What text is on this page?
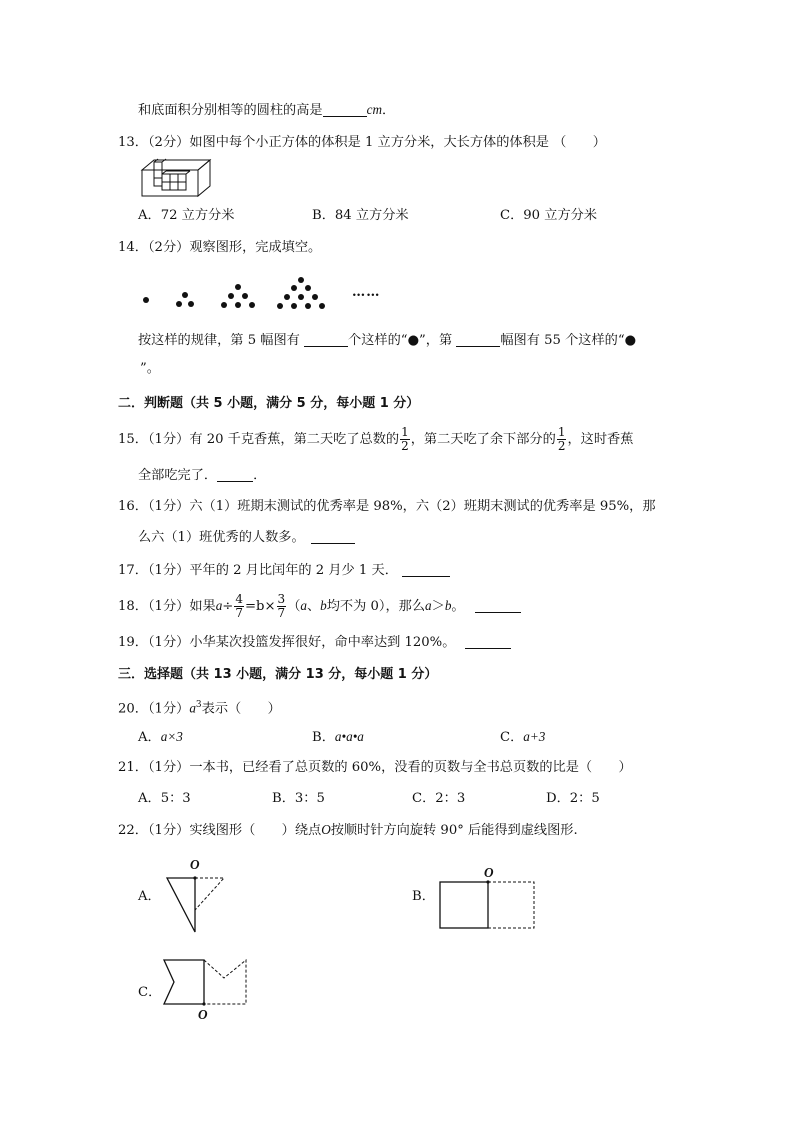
和底面积分别相等的圆柱的高是	cm．
13．（2分）如图中每个小正方体的体积是 1 立方分米，大长方体的体积是 （　　）
A．72 立方分米	B．84 立方分米	C．90 立方分米
14．（2分）观察图形，完成填空。
……
按这样的规律，第 5 幅图有	个这样的“●”，第	幅图有 55 个这样的“●
”。
二．判断题（共 5 小题，满分 5 分，每小题 1 分）
15．（1分）有 20 千克香蕉，第二天吃了总数的 $\frac{1}{2}$ ，第二天吃了余下部分的 $\frac{1}{2}$ ，这时香蕉
全部吃完了．	．
16．（1分）六（1）班期末测试的优秀率是 98%，六（2）班期末测试的优秀率是 95%，那
么六（1）班优秀的人数多。
17．（1分）平年的 2 月比闰年的 2 月少 1 天．
18．（1分）如果$a\div \frac{4}{7} =b\times \frac{3}{7} (a$、b均不为 0），那么a＞b。
19．（1分）小华某次投篮发挥很好，命中率达到 120%。
三．选择题（共 13 小题，满分 13 分，每小题 1 分）
20．（1分）$a^3$表示（　　）
A．a×3	B．a•a•a	C．a+3
21．（1分）一本书，已经看了总页数的 60%，没看的页数与全书总页数的比是（　　）
A．5：3	B．3：5	C．2：3	D．2：5
22．（1分）实线图形（　　）绕点O按顺时针方向旋转 90° 后能得到虚线图形.
A．
O
B．
O
C．
O
